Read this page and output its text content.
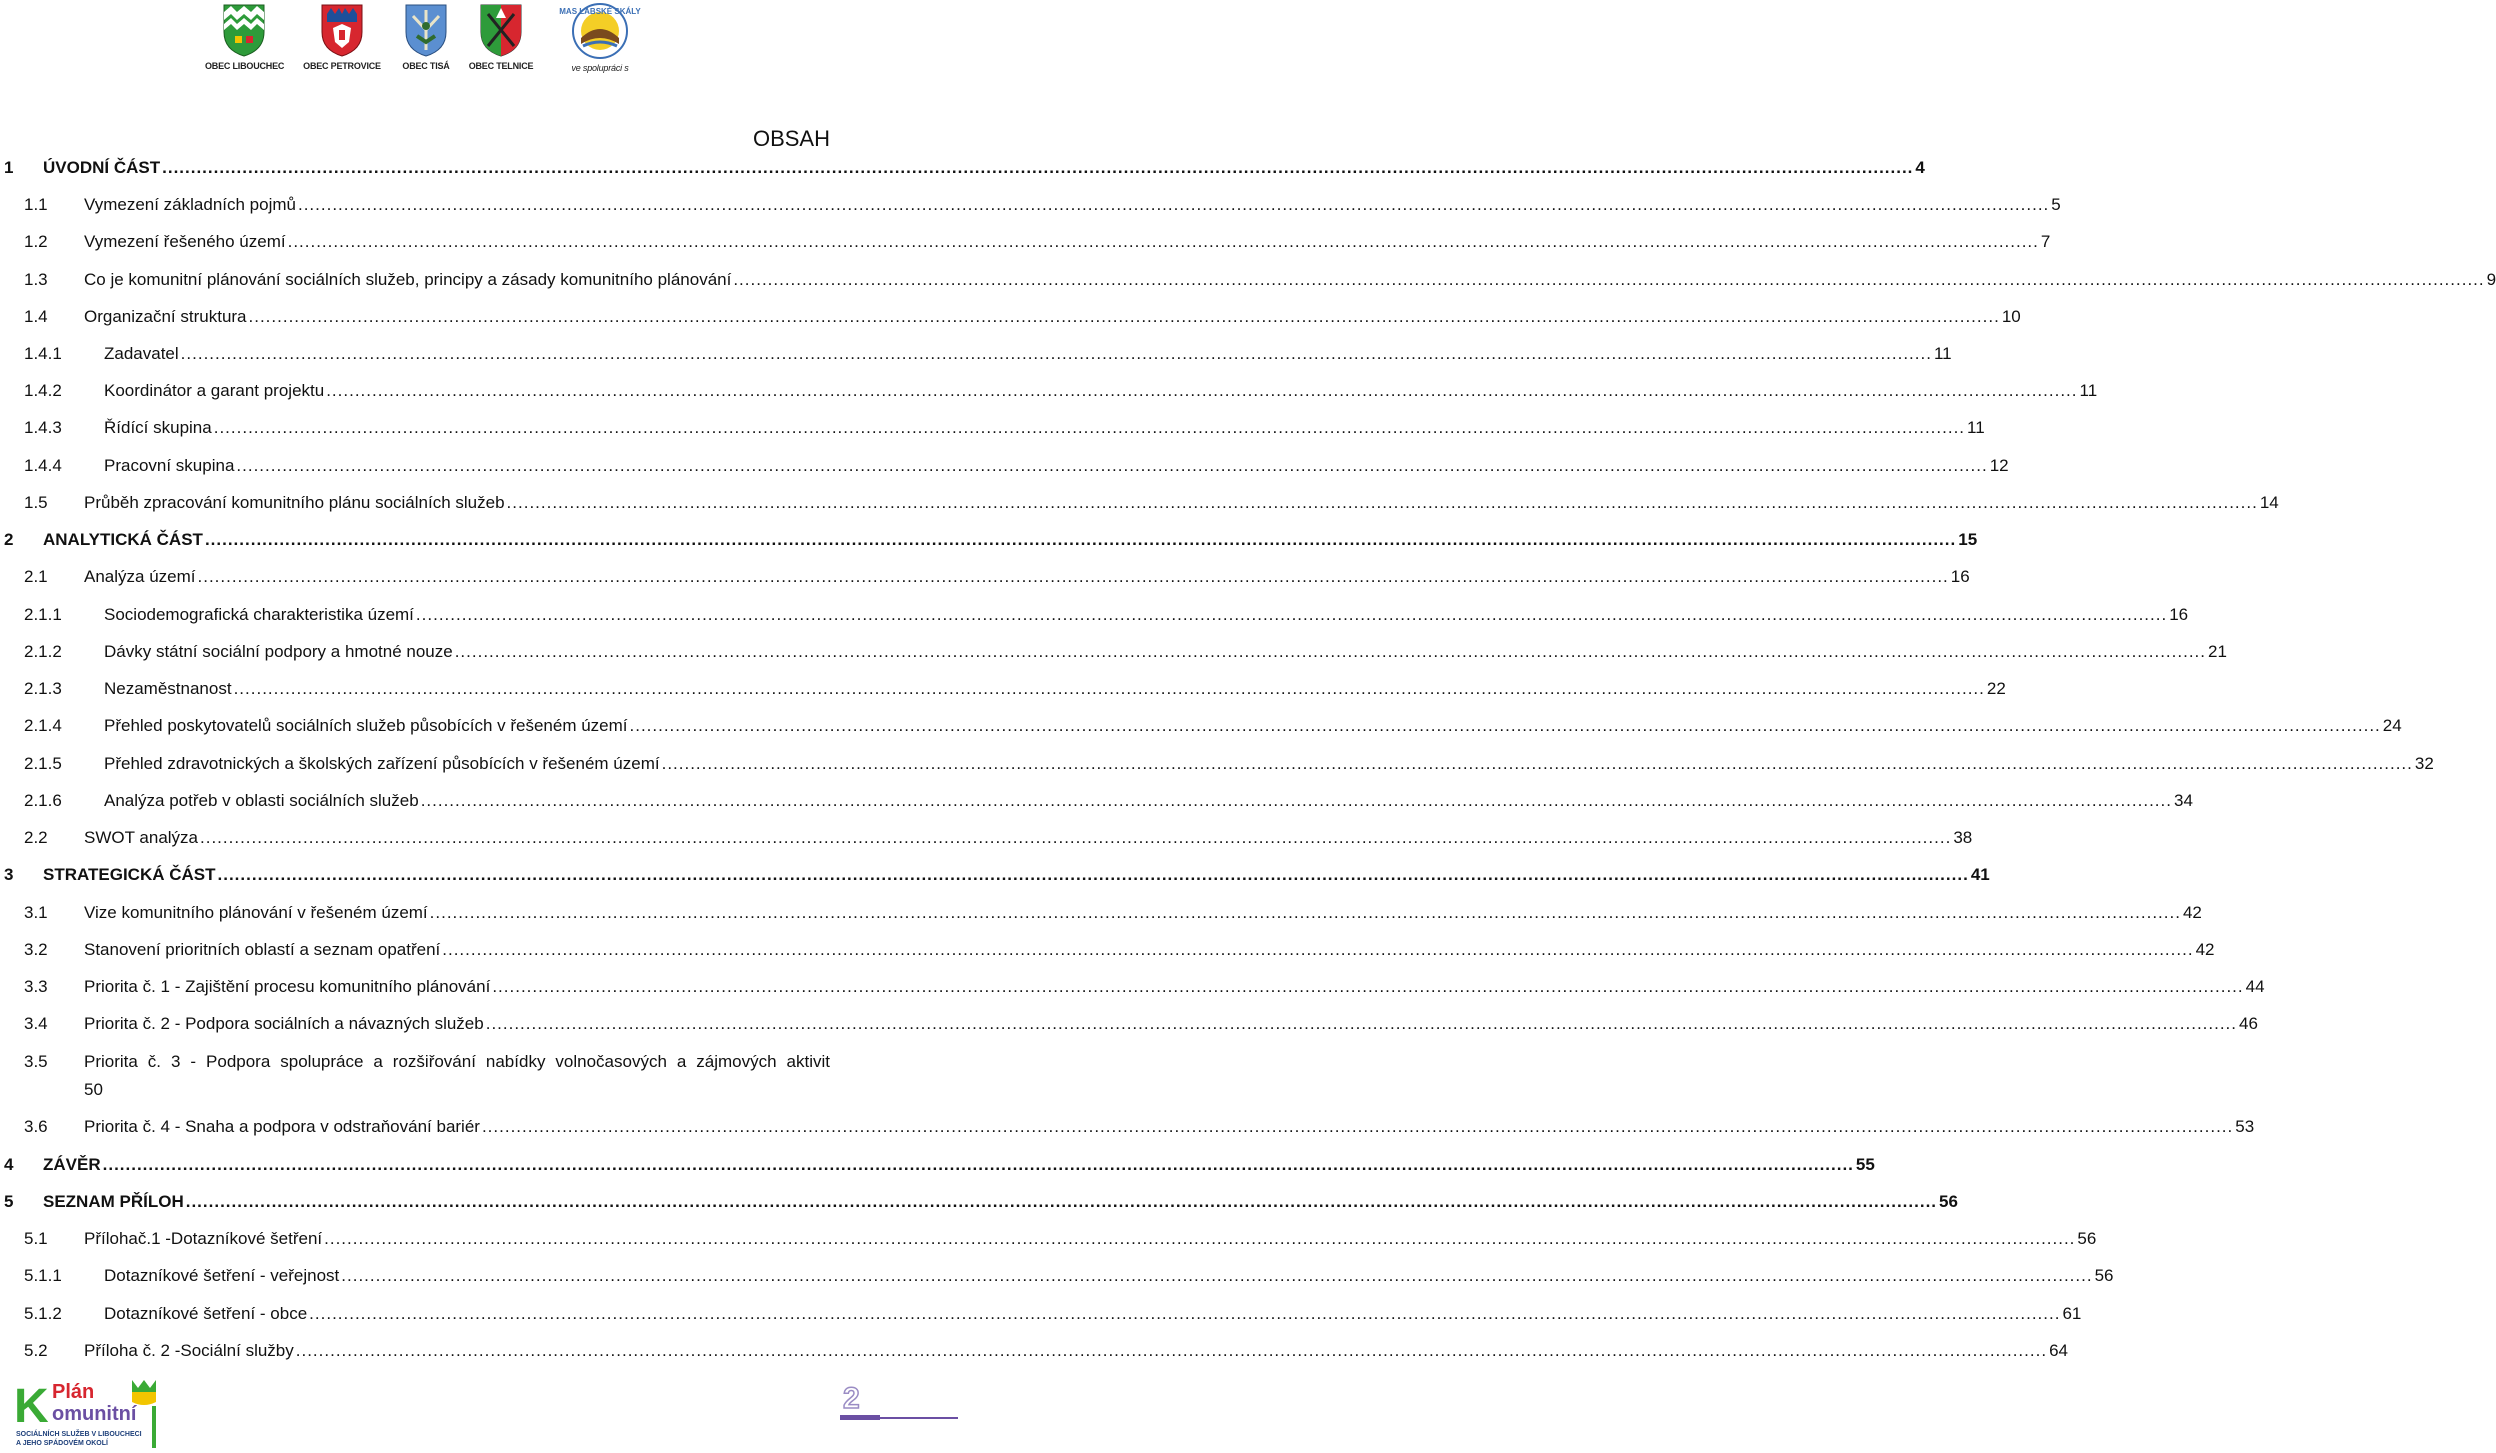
OBEC LIBOUCHEC OBEC PETROVICE	OBEC TISÁ	OBEC TELNICE
MAS LABSKÉ SKÁLY
ve spolupráci s
OBSAH
1 ÚVODNÍ ČÁST .....	4
1.1 Vymezení základních pojmů .....	5
1.2 Vymezení řešeného území .....	7
1.3 Co je komunitní plánování sociálních služeb, principy a zásady komunitního plánování .....	9
1.4 Organizační struktura .....	10
1.4.1 Zadavatel .....	11
1.4.2 Koordinátor a garant projektu .....	11
1.4.3 Řídící skupina .....	11
1.4.4 Pracovní skupina .....	12
1.5 Průběh zpracování komunitního plánu sociálních služeb .....	14
2 ANALYTICKÁ ČÁST .....	15
2.1 Analýza území .....	16
2.1.1 Sociodemografická charakteristika území .....	16
2.1.2 Dávky státní sociální podpory a hmotné nouze .....	21
2.1.3 Nezaměstnanost .....	22
2.1.4 Přehled poskytovatelů sociálních služeb působících v řešeném území .....	24
2.1.5 Přehled zdravotnických a školských zařízení působících v řešeném území .....	32
2.1.6 Analýza potřeb v oblasti sociálních služeb .....	34
2.2 SWOT analýza .....	38
3 STRATEGICKÁ ČÁST .....	41
3.1 Vize komunitního plánování v řešeném území .....	42
3.2 Stanovení prioritních oblastí a seznam opatření .....	42
3.3 Priorita č. 1 - Zajištění procesu komunitního plánování .....	44
3.4 Priorita č. 2 - Podpora sociálních a návazných služeb .....	46
3.5 Priorita č. 3 - Podpora spolupráce a rozšiřování nabídky volnočasových a zájmových aktivit
50
3.6 Priorita č. 4 - Snaha a podpora v odstraňování bariér .....	53
4 ZÁVĚR .....	55
5 SEZNAM PŘÍLOH .....	56
5.1 Přílohač.1 -Dotazníkové šetření .....	56
5.1.1 Dotazníkové šetření - veřejnost .....	56
5.1.2 Dotazníkové šetření - obce .....	61
5.2 Příloha č. 2 -Sociální služby .....	64
K Plán
omunitní
SOCIÁLNÍCH SLUŽEB V LIBOUCHECI
A JEHO SPÁDOVÉM OKOLÍ
2
